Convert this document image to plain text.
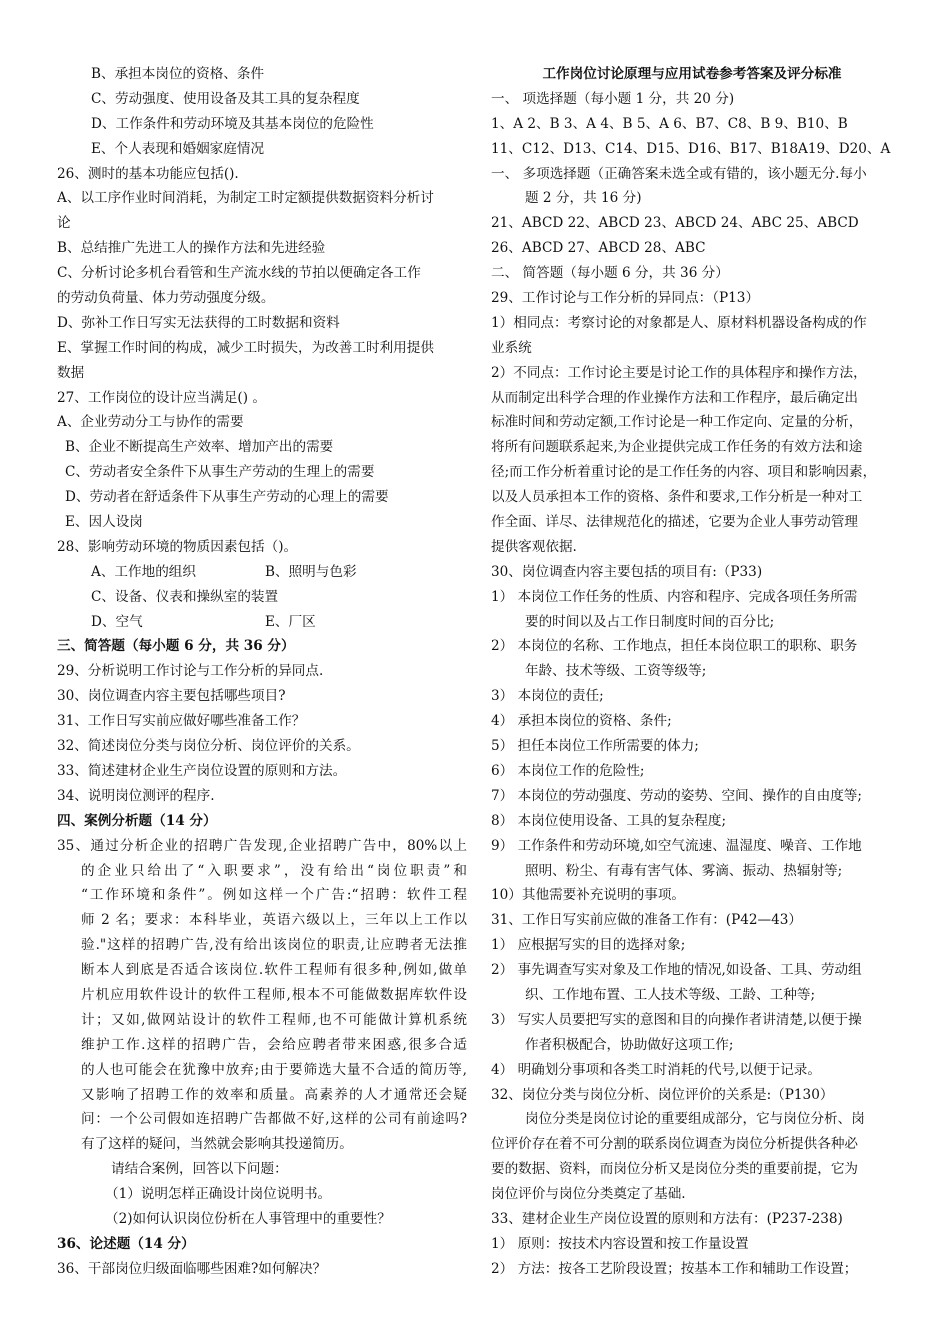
B、承担本岗位的资格、条件
C、劳动强度、使用设备及其工具的复杂程度
D、工作条件和劳动环境及其基本岗位的危险性
E、个人表现和婚姻家庭情况
26、测时的基本功能应包括().
A、以工序作业时间消耗，为制定工时定额提供数据资料分析讨
论
B、总结推广先进工人的操作方法和先进经验
C、分析讨论多机台看管和生产流水线的节拍以便确定各工作
的劳动负荷量、体力劳动强度分级。
D、弥补工作日写实无法获得的工时数据和资料
E、掌握工作时间的构成，减少工时损失，为改善工时利用提供
数据
27、工作岗位的设计应当满足() 。
A、企业劳动分工与协作的需要
B、企业不断提高生产效率、增加产出的需要
C、劳动者安全条件下从事生产劳动的生理上的需要
D、劳动者在舒适条件下从事生产劳动的心理上的需要
E、因人设岗
28、影响劳动环境的物质因素包括（)。
A、工作地的组织	B、照明与色彩
C、设备、仪表和操纵室的装置
D、空气	E、厂区
三、简答题（每小题 6 分，共 36 分）
29、分析说明工作讨论与工作分析的异同点.
30、岗位调查内容主要包括哪些项目?
31、工作日写实前应做好哪些准备工作？
32、简述岗位分类与岗位分析、岗位评价的关系。
33、简述建材企业生产岗位设置的原则和方法。
34、说明岗位测评的程序.
四、案例分析题（14 分）
35、通过分析企业的招聘广告发现,企业招聘广告中，80%以上
的企业只给出了“入职要求”，没有给出“岗位职责”和
“工作环境和条件”。例如这样一个广告:“招聘：软件工程
师 2 名；要求：本科毕业，英语六级以上，三年以上工作以
验."这样的招聘广告,没有给出该岗位的职责,让应聘者无法推
断本人到底是否适合该岗位.软件工程师有很多种,例如,做单
片机应用软件设计的软件工程师,根本不可能做数据库软件设
计；又如,做网站设计的软件工程师,也不可能做计算机系统
维护工作.这样的招聘广告，会给应聘者带来困惑,很多合适
的人也可能会在犹豫中放弃;由于要筛选大量不合适的简历等,
又影响了招聘工作的效率和质量。高素养的人才通常还会疑
问：一个公司假如连招聘广告都做不好,这样的公司有前途吗?
有了这样的疑问，当然就会影响其投递简历。
请结合案例，回答以下问题：
（1）说明怎样正确设计岗位说明书。
（2)如何认识岗位份析在人事管理中的重要性？
36、论述题（14 分）
36、干部岗位归级面临哪些困难?如何解决？
工作岗位讨论原理与应用试卷参考答案及评分标准
一、 项选择题（每小题 1 分，共 20 分)
1、A 2、B 3、A 4、B 5、A 6、B7、C8、B 9、B10、B
11、C12、D13、C14、D15、D16、B17、B18A19、D20、A
一、 多项选择题（正确答案未选全或有错的，该小题无分.每小
题 2 分，共 16 分)
21、ABCD 22、ABCD 23、ABCD 24、ABC 25、ABCD
26、ABCD 27、ABCD 28、ABC
二、 简答题（每小题 6 分，共 36 分）
29、工作讨论与工作分析的异同点：（P13）
1）相同点：考察讨论的对象都是人、原材料机器设备构成的作
业系统
2）不同点：工作讨论主要是讨论工作的具体程序和操作方法，
从而制定出科学合理的作业操作方法和工作程序，最后确定出
标准时间和劳动定额,工作讨论是一种工作定向、定量的分析，
将所有问题联系起来,为企业提供完成工作任务的有效方法和途
径;而工作分析着重讨论的是工作任务的内容、项目和影响因素，
以及人员承担本工作的资格、条件和要求,工作分析是一种对工
作全面、详尽、法律规范化的描述，它要为企业人事劳动管理
提供客观依据.
30、岗位调查内容主要包括的项目有:（P33)
1） 本岗位工作任务的性质、内容和程序、完成各项任务所需
要的时间以及占工作日制度时间的百分比;
2） 本岗位的名称、工作地点，担任本岗位职工的职称、职务
年龄、技术等级、工资等级等;
3） 本岗位的责任;
4） 承担本岗位的资格、条件;
5） 担任本岗位工作所需要的体力;
6） 本岗位工作的危险性;
7） 本岗位的劳动强度、劳动的姿势、空间、操作的自由度等;
8） 本岗位使用设备、工具的复杂程度;
9） 工作条件和劳动环境,如空气流速、温湿度、噪音、工作地
照明、粉尘、有毒有害气体、雾滴、振动、热辐射等;
10）其他需要补充说明的事项。
31、工作日写实前应做的准备工作有：(P42—43）
1） 应根据写实的目的选择对象;
2） 事先调查写实对象及工作地的情况,如设备、工具、劳动组
织、工作地布置、工人技术等级、工龄、工种等;
3） 写实人员要把写实的意图和目的向操作者讲清楚,以便于操
作者积极配合，协助做好这项工作;
4） 明确划分事项和各类工时消耗的代号,以便于记录。
32、岗位分类与岗位分析、岗位评价的关系是:（P130）
岗位分类是岗位讨论的重要组成部分，它与岗位分析、岗
位评价存在着不可分割的联系岗位调查为岗位分析提供各种必
要的数据、资料，而岗位分析又是岗位分类的重要前提，它为
岗位评价与岗位分类奠定了基础.
33、建材企业生产岗位设置的原则和方法有：(P237-238)
1） 原则：按技术内容设置和按工作量设置
2） 方法：按各工艺阶段设置；按基本工作和辅助工作设置；
